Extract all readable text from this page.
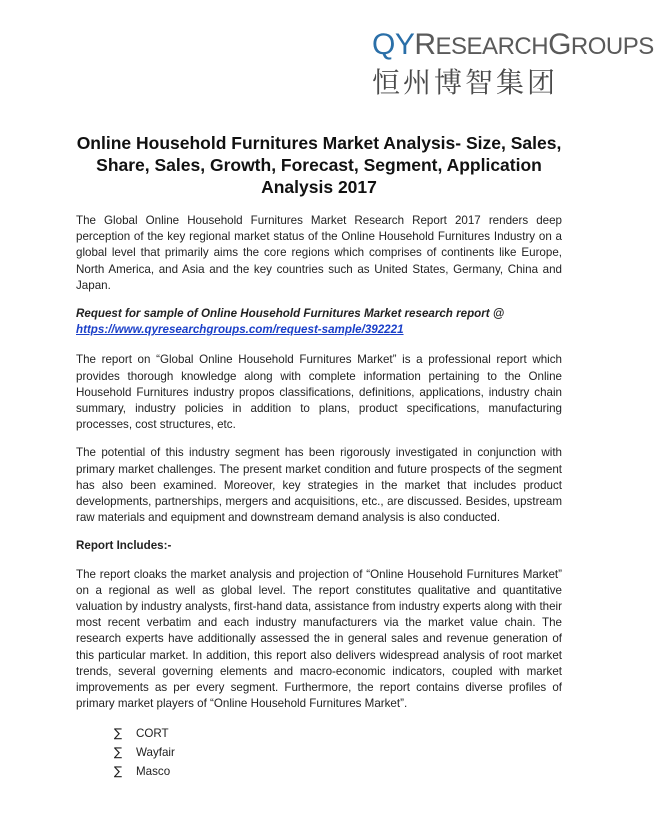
QYRESEARCHGROUPS
恒州博智集团
Online Household Furnitures Market Analysis- Size, Sales, Share, Sales, Growth, Forecast, Segment, Application Analysis 2017

The Global Online Household Furnitures Market Research Report 2017 renders deep perception of the key regional market status of the Online Household Furnitures Industry on a global level that primarily aims the core regions which comprises of continents like Europe, North America, and Asia and the key countries such as United States, Germany, China and Japan.

Request for sample of Online Household Furnitures Market research report @
https://www.qyresearchgroups.com/request-sample/392221

The report on “Global Online Household Furnitures Market” is a professional report which provides thorough knowledge along with complete information pertaining to the Online Household Furnitures industry propos classifications, definitions, applications, industry chain summary, industry policies in addition to plans, product specifications, manufacturing processes, cost structures, etc.

The potential of this industry segment has been rigorously investigated in conjunction with primary market challenges. The present market condition and future prospects of the segment has also been examined. Moreover, key strategies in the market that includes product developments, partnerships, mergers and acquisitions, etc., are discussed. Besides, upstream raw materials and equipment and downstream demand analysis is also conducted.

Report Includes:-

The report cloaks the market analysis and projection of “Online Household Furnitures Market” on a regional as well as global level. The report constitutes qualitative and quantitative valuation by industry analysts, first-hand data, assistance from industry experts along with their most recent verbatim and each industry manufacturers via the market value chain. The research experts have additionally assessed the in general sales and revenue generation of this particular market. In addition, this report also delivers widespread analysis of root market trends, several governing elements and macro-economic indicators, coupled with market improvements as per every segment. Furthermore, the report contains diverse profiles of primary market players of “Online Household Furnitures Market”.

∑	CORT
∑	Wayfair
∑	Masco
